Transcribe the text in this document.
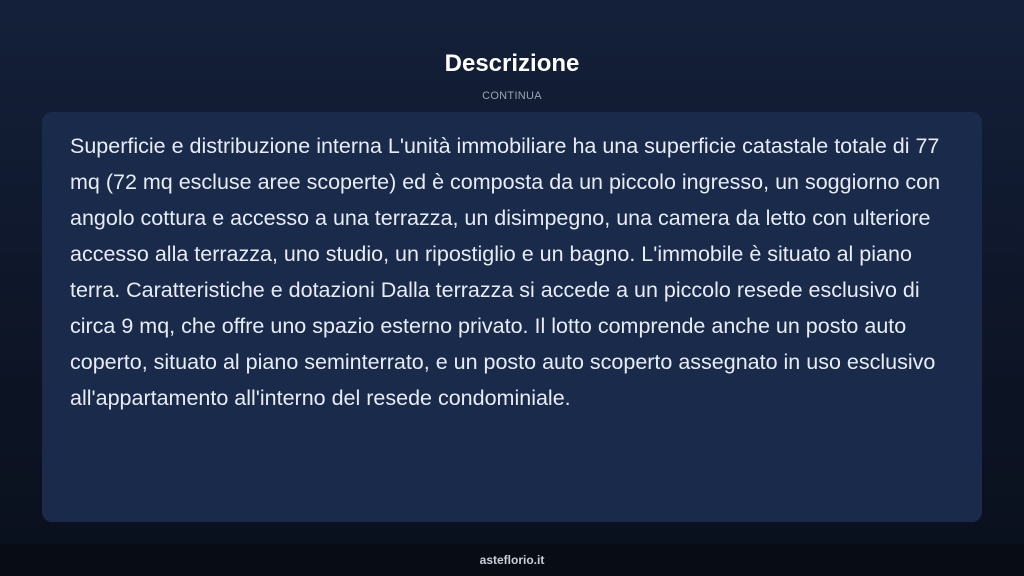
Descrizione
CONTINUA

Superficie e distribuzione interna L'unità immobiliare ha una superficie catastale totale di 77 mq (72 mq escluse aree scoperte) ed è composta da un piccolo ingresso, un soggiorno con angolo cottura e accesso a una terrazza, un disimpegno, una camera da letto con ulteriore accesso alla terrazza, uno studio, un ripostiglio e un bagno. L'immobile è situato al piano terra. Caratteristiche e dotazioni Dalla terrazza si accede a un piccolo resede esclusivo di circa 9 mq, che offre uno spazio esterno privato. Il lotto comprende anche un posto auto coperto, situato al piano seminterrato, e un posto auto scoperto assegnato in uso esclusivo all'appartamento all'interno del resede condominiale.

asteflorio.it
